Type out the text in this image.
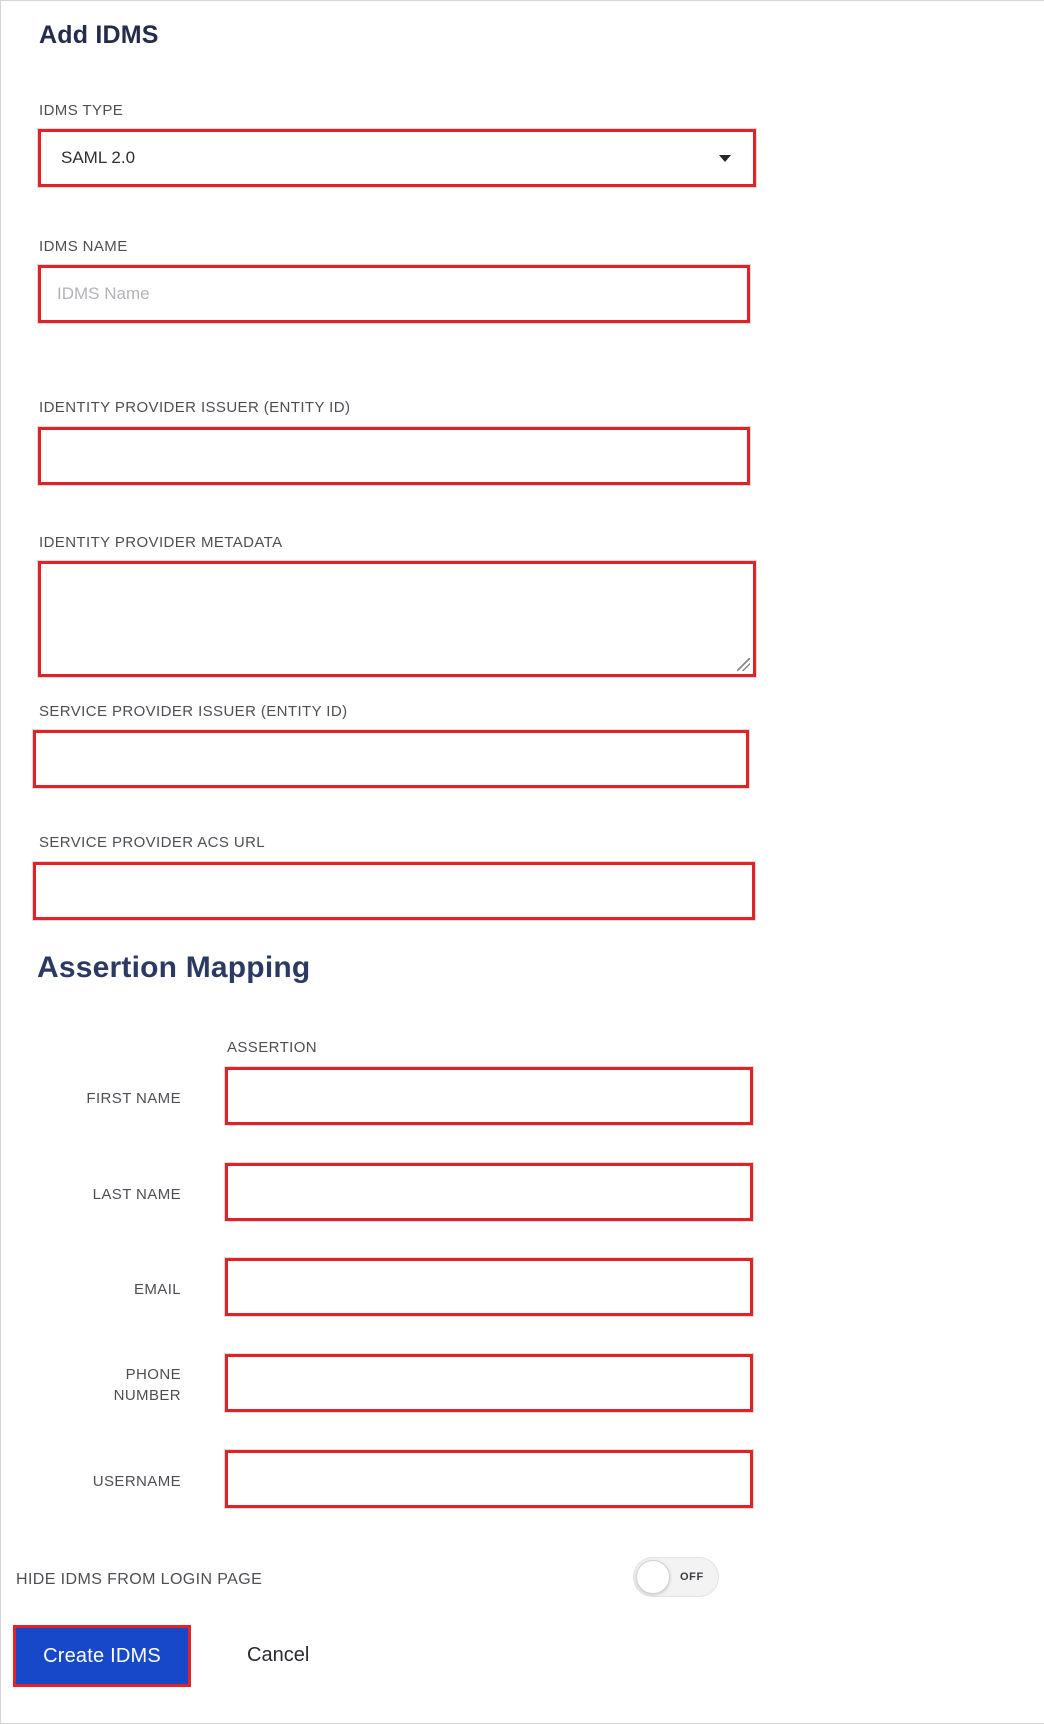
Add IDMS
IDMS TYPE
SAML 2.0
IDMS NAME
IDMS Name
IDENTITY PROVIDER ISSUER (ENTITY ID)
IDENTITY PROVIDER METADATA
SERVICE PROVIDER ISSUER (ENTITY ID)
SERVICE PROVIDER ACS URL
Assertion Mapping
ASSERTION
FIRST NAME
LAST NAME
EMAIL
PHONE NUMBER
USERNAME
HIDE IDMS FROM LOGIN PAGE	OFF
Create IDMS	Cancel
